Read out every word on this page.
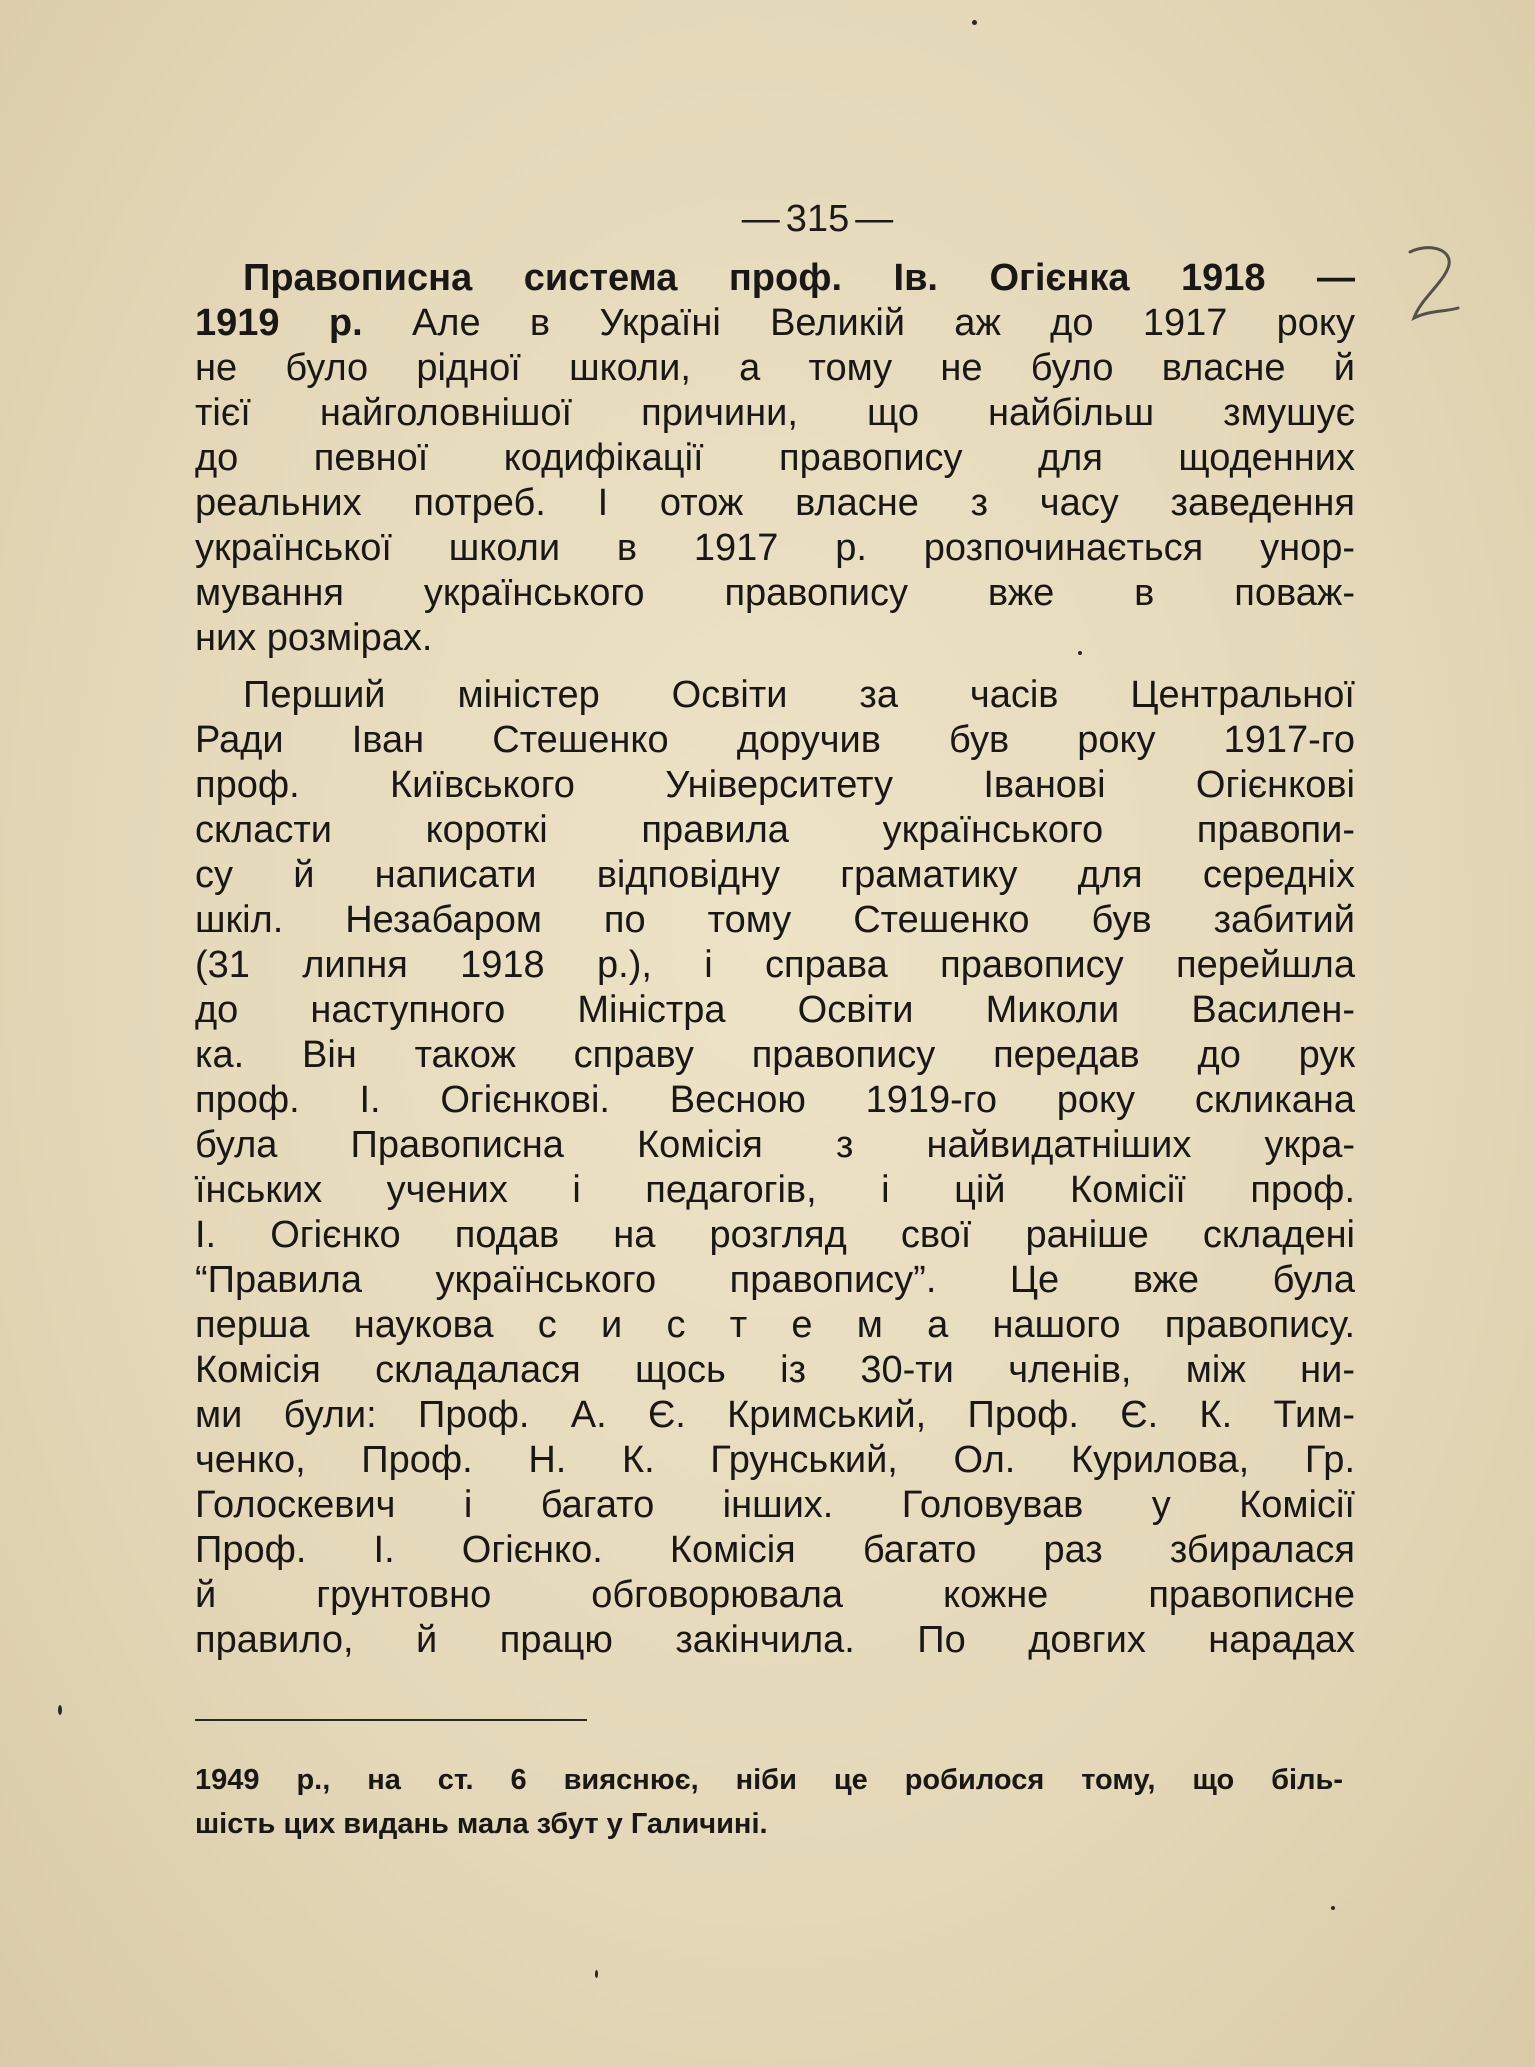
— 315 —
Правописна система проф. Ів. Огієнка 1918 —
1919 р. Але в Україні Великій аж до 1917 року
не було рідної школи, а тому не було власне й
тієї найголовнішої причини, що найбільш змушує
до певної кодифікації правопису для щоденних
реальних потреб. І отож власне з часу заведення
української школи в 1917 р. розпочинається унор-
мування українського правопису вже в поваж-
них розмірах.
Перший міністер Освіти за часів Центральної
Ради Іван Стешенко доручив був року 1917-го
проф. Київського Університету Іванові Огієнкові
скласти короткі правила українського правопи-
су й написати відповідну граматику для середніх
шкіл. Незабаром по тому Стешенко був забитий
(31 липня 1918 р.), і справа правопису перейшла
до наступного Міністра Освіти Миколи Василен-
ка. Він також справу правопису передав до рук
проф. І. Огієнкові. Весною 1919-го року скликана
була Правописна Комісія з найвидатніших укра-
їнських учених і педагогів, і цій Комісії проф.
І. Огієнко подав на розгляд свої раніше складені
“Правила українського правопису”. Це вже була
перша наукова с и с т е м а нашого правопису.
Комісія складалася щось із 30-ти членів, між ни-
ми були: Проф. А. Є. Кримський, Проф. Є. К. Тим-
ченко, Проф. Н. К. Грунський, Ол. Курилова, Гр.
Голоскевич і багато інших. Головував у Комісії
Проф. І. Огієнко. Комісія багато раз збиралася
й грунтовно обговорювала кожне правописне
правило, й працю закінчила. По довгих нарадах
1949 р., на ст. 6 вияснює, ніби це робилося тому, що біль-
шість цих видань мала збут у Галичині.
